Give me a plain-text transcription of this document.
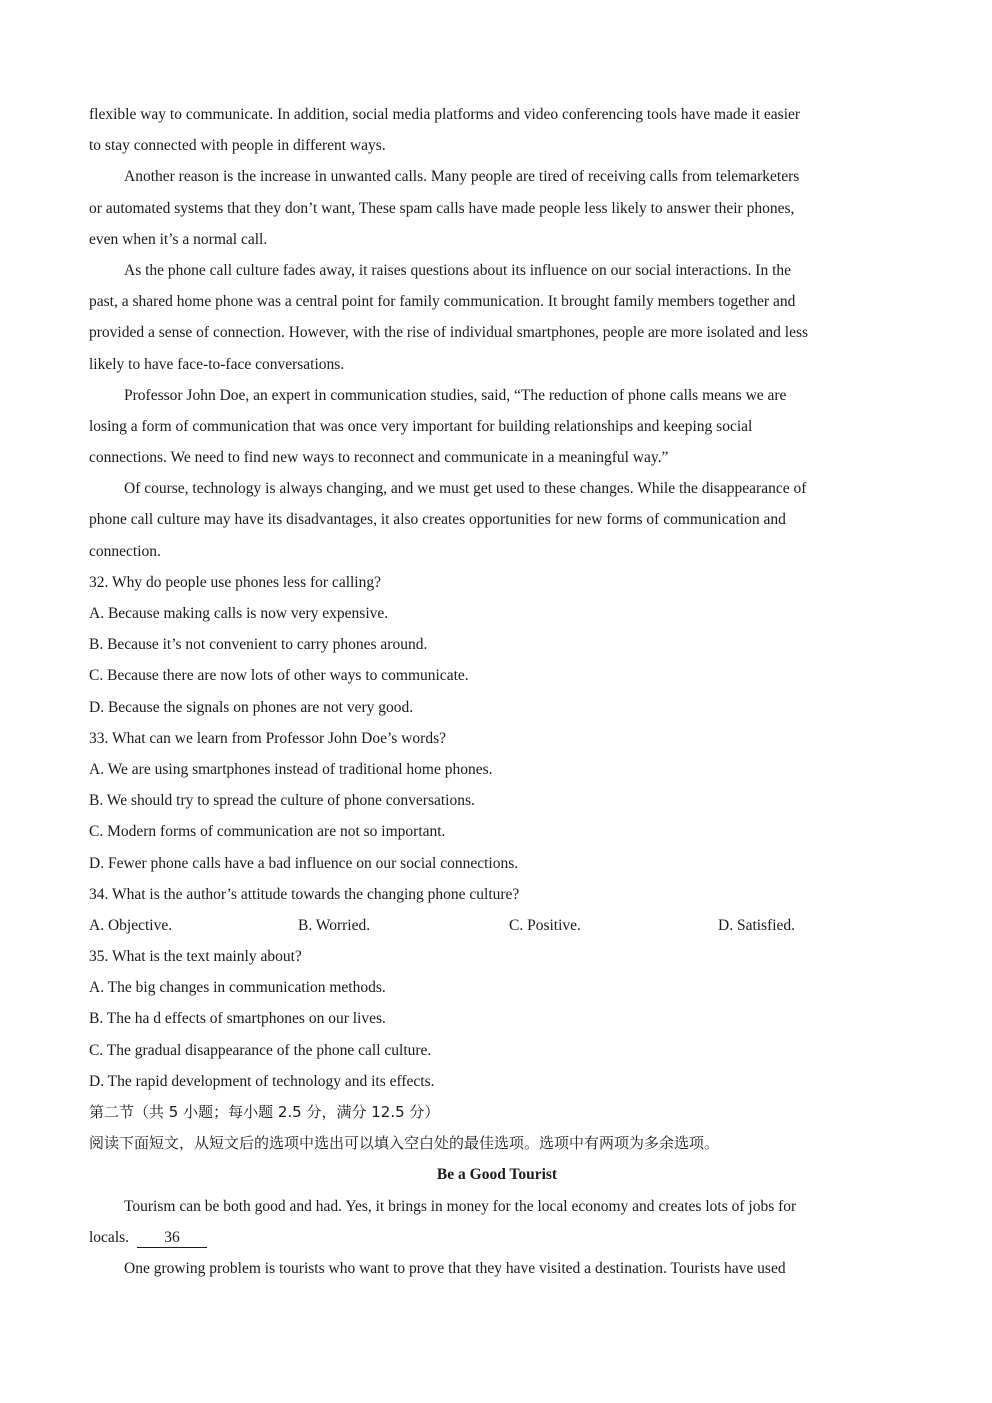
flexible way to communicate. In addition, social media platforms and video conferencing tools have made it easier
to stay connected with people in different ways.
Another reason is the increase in unwanted calls. Many people are tired of receiving calls from telemarketers
or automated systems that they don’t want, These spam calls have made people less likely to answer their phones,
even when it’s a normal call.
As the phone call culture fades away, it raises questions about its influence on our social interactions. In the
past, a shared home phone was a central point for family communication. It brought family members together and
provided a sense of connection. However, with the rise of individual smartphones, people are more isolated and less
likely to have face-to-face conversations.
Professor John Doe, an expert in communication studies, said, “The reduction of phone calls means we are
losing a form of communication that was once very important for building relationships and keeping social
connections. We need to find new ways to reconnect and communicate in a meaningful way.”
Of course, technology is always changing, and we must get used to these changes. While the disappearance of
phone call culture may have its disadvantages, it also creates opportunities for new forms of communication and
connection.
32. Why do people use phones less for calling?
A. Because making calls is now very expensive.
B. Because it’s not convenient to carry phones around.
C. Because there are now lots of other ways to communicate.
D. Because the signals on phones are not very good.
33. What can we learn from Professor John Doe’s words?
A. We are using smartphones instead of traditional home phones.
B. We should try to spread the culture of phone conversations.
C. Modern forms of communication are not so important.
D. Fewer phone calls have a bad influence on our social connections.
34. What is the author’s attitude towards the changing phone culture?
A. Objective.	B. Worried.	C. Positive.	D. Satisfied.
35. What is the text mainly about?
A. The big changes in communication methods.
B. The ha d effects of smartphones on our lives.
C. The gradual disappearance of the phone call culture.
D. The rapid development of technology and its effects.
第二节（共 5 小题；每小题 2.5 分，满分 12.5 分）
阅读下面短文，从短文后的选项中选出可以填入空白处的最佳选项。选项中有两项为多余选项。
Be a Good Tourist
Tourism can be both good and had. Yes, it brings in money for the local economy and creates lots of jobs for
locals. 36
One growing problem is tourists who want to prove that they have visited a destination. Tourists have used
